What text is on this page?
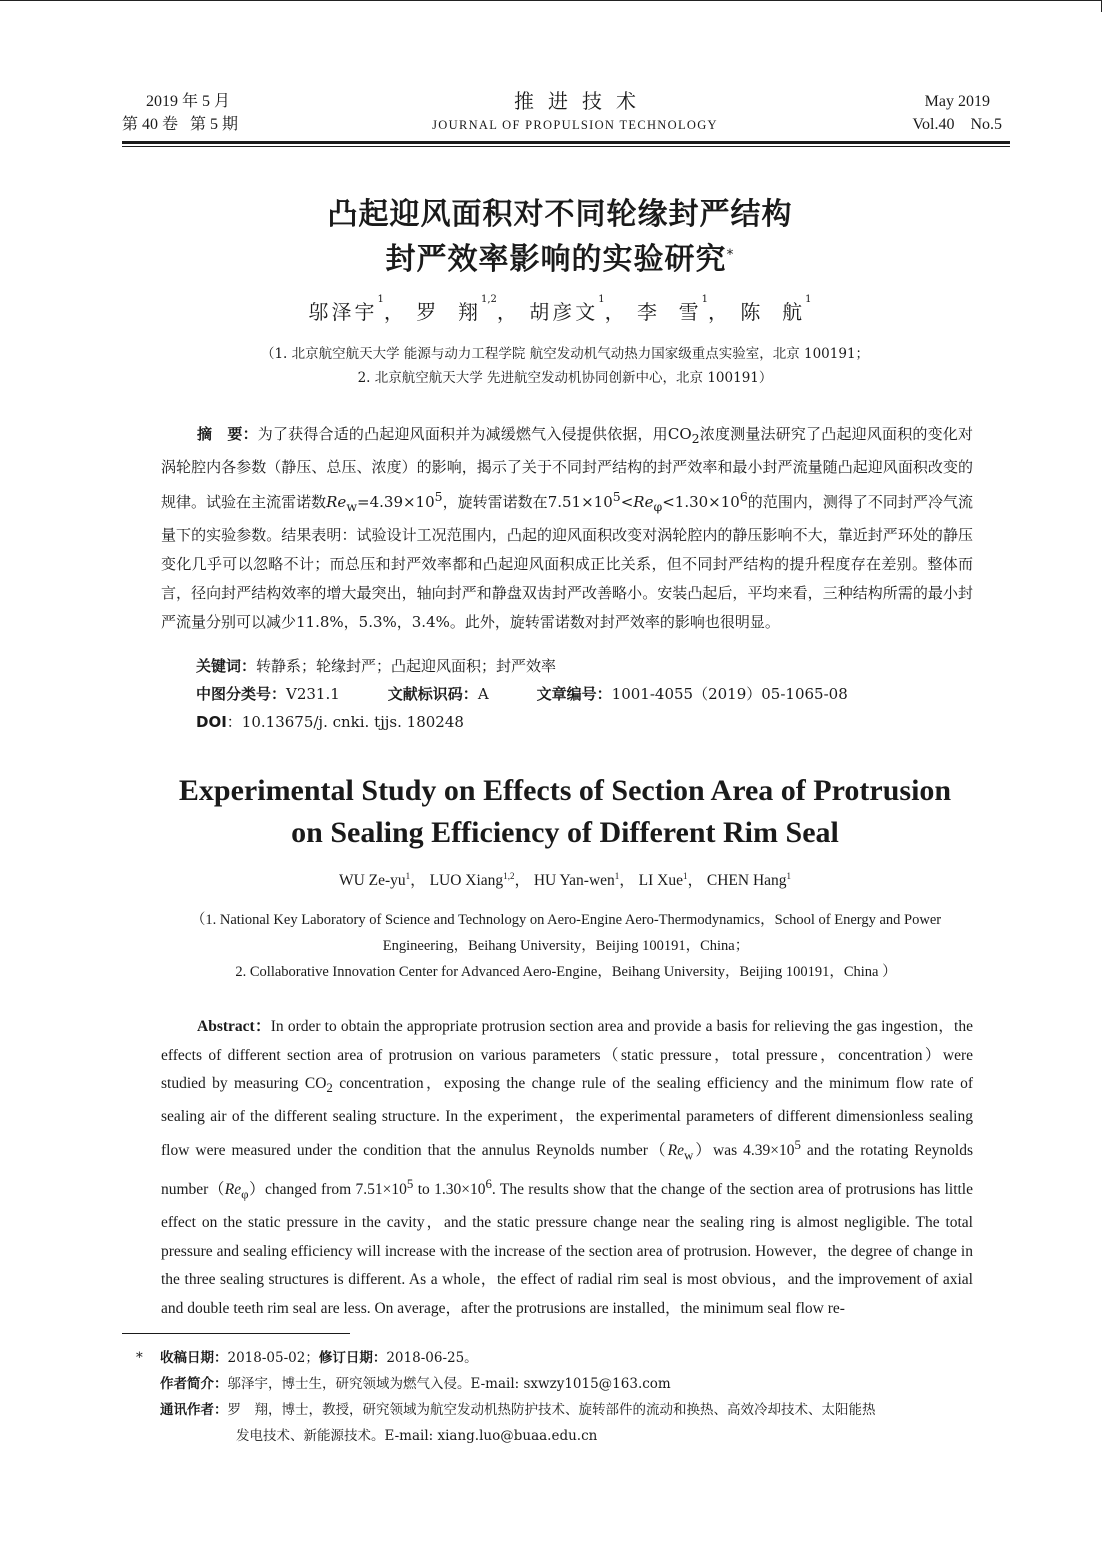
2019 年 5 月
第 40 卷   第 5 期
推进技术
JOURNAL OF PROPULSION TECHNOLOGY
May 2019
Vol.40    No.5
凸起迎风面积对不同轮缘封严结构
封严效率影响的实验研究*
邬泽宇$^1$， 罗  翔$^{1,2}$， 胡彦文$^1$， 李  雪$^1$， 陈  航$^1$
（1. 北京航空航天大学 能源与动力工程学院 航空发动机气动热力国家级重点实验室，北京 100191；
2. 北京航空航天大学 先进航空发动机协同创新中心，北京 100191）
摘　要：为了获得合适的凸起迎风面积并为减缓燃气入侵提供依据，用$CO_2$浓度测量法研究了凸起迎风面积的变化对涡轮腔内各参数（静压、总压、浓度）的影响，揭示了关于不同封严结构的封严效率和最小封严流量随凸起迎风面积改变的规律。试验在主流雷诺数$Re_w=4.39\times 10^5$，旋转雷诺数在$7.51\times 10^5<Re_\varphi<1.30\times 10^6$的范围内，测得了不同封严冷气流量下的实验参数。结果表明：试验设计工况范围内，凸起的迎风面积改变对涡轮腔内的静压影响不大，靠近封严环处的静压变化几乎可以忽略不计；而总压和封严效率都和凸起迎风面积成正比关系，但不同封严结构的提升程度存在差别。整体而言，径向封严结构效率的增大最突出，轴向封严和静盘双齿封严改善略小。安装凸起后，平均来看，三种结构所需的最小封严流量分别可以减少11.8%，5.3%，3.4%。此外，旋转雷诺数对封严效率的影响也很明显。
关键词：转静系；轮缘封严；凸起迎风面积；封严效率
中图分类号：V231.1	文献标识码：A	文章编号：1001-4055（2019）05-1065-08
DOI：10.13675/j. cnki. tjjs. 180248
Experimental Study on Effects of Section Area of Protrusion
on Sealing Efficiency of Different Rim Seal
WU $Ze-yu^1$， LUO Xiang$^{1,2}$， HU Yan-wen$^1$， LI Xue$^1$， CHEN Hang$^1$
（1. National Key Laboratory of Science and Technology on Aero-Engine Aero-Thermodynamics，School of Energy and Power
Engineering，Beihang University，Beijing 100191，China；
2. Collaborative Innovation Center for Advanced Aero-Engine，Beihang University，Beijing 100191，China ）
Abstract：In order to obtain the appropriate protrusion section area and provide a basis for relieving the gas ingestion，the effects of different section area of protrusion on various parameters（static pressure，total pressure，concentration）were studied by measuring $CO_2$ concentration，exposing the change rule of the sealing efficiency and the minimum flow rate of sealing air of the different sealing structure. In the experiment，the experimental parameters of different dimensionless sealing flow were measured under the condition that the annulus Reynolds $number(Re_w)was$ $4.39\times 10^5$ and the rotating Reynolds $number(Re_\varphi)changed$ from $7.51\times 10^5$ to $1.30\times 10^6$. The results show that the change of the section area of protrusions has little effect on the static pressure in the cavity，and the static pressure change near the sealing ring is almost negligible. The total pressure and sealing efficiency will increase with the increase of the section area of protrusion. However，the degree of change in the three sealing structures is different. As a whole，the effect of radial rim seal is most obvious，and the improvement of axial and double teeth rim seal are less. On average，after the protrusions are installed，the minimum seal flow re-
* 收稿日期：2018-05-02；修订日期：2018-06-25。
作者简介：邬泽宇，博士生，研究领域为燃气入侵。E-mail: sxwzy1015@163.com
通讯作者：罗　翔，博士，教授，研究领域为航空发动机热防护技术、旋转部件的流动和换热、高效冷却技术、太阳能热
发电技术、新能源技术。E-mail: xiang.luo@buaa.edu.cn
